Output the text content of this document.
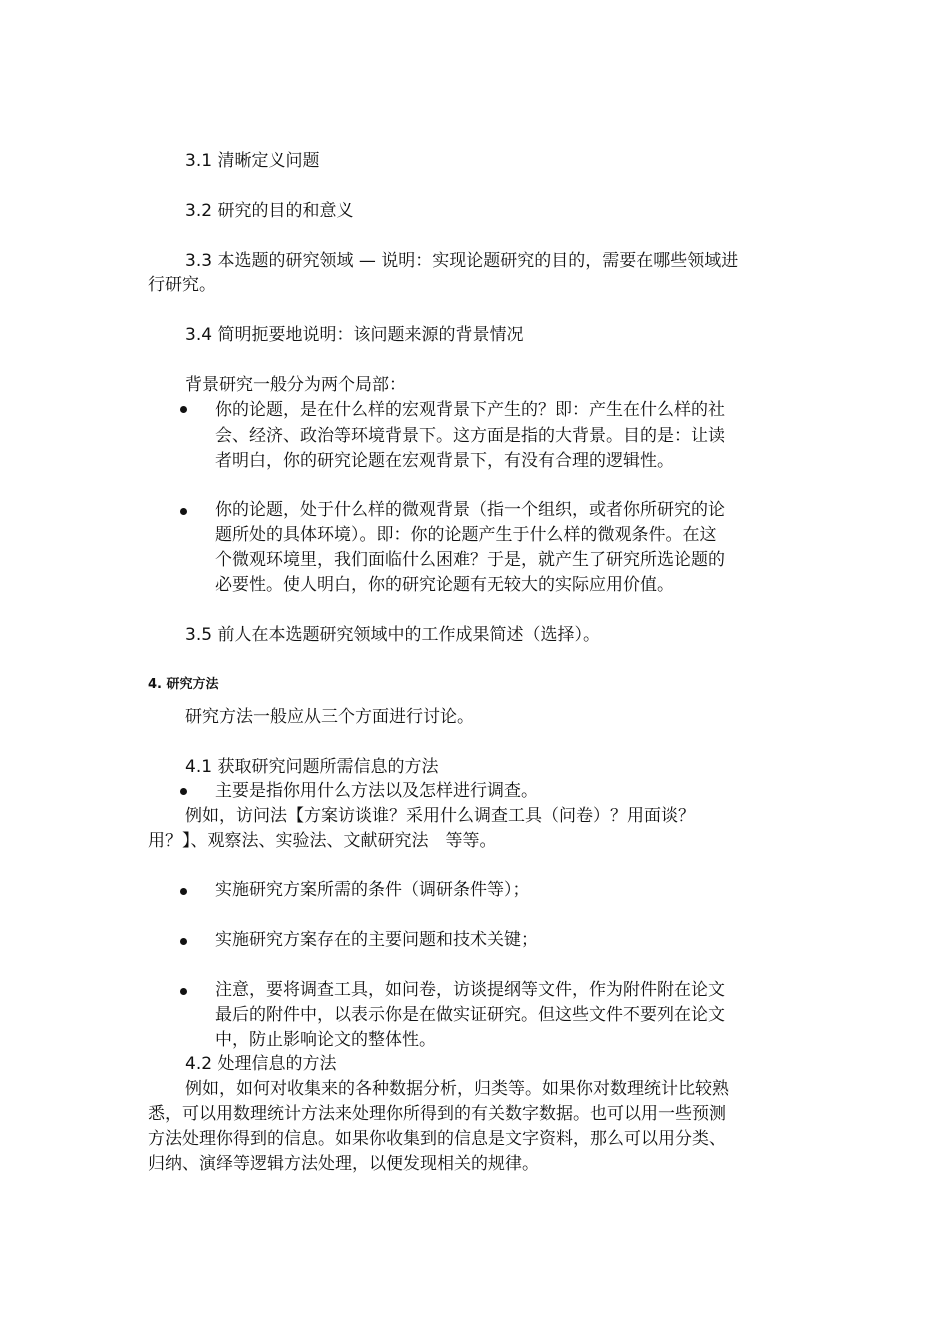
3.1 清晰定义问题
3.2 研究的目的和意义
3.3 本选题的研究领域 — 说明：实现论题研究的目的，需要在哪些领域进
行研究。
3.4 简明扼要地说明：该问题来源的背景情况
背景研究一般分为两个局部：
你的论题，是在什么样的宏观背景下产生的？即：产生在什么样的社
会、经济、政治等环境背景下。这方面是指的大背景。目的是：让读
者明白，你的研究论题在宏观背景下，有没有合理的逻辑性。
你的论题，处于什么样的微观背景（指一个组织，或者你所研究的论
题所处的具体环境）。即：你的论题产生于什么样的微观条件。在这
个微观环境里，我们面临什么困难？于是，就产生了研究所选论题的
必要性。使人明白，你的研究论题有无较大的实际应用价值。
3.5 前人在本选题研究领域中的工作成果简述（选择）。
4. 研究方法
研究方法一般应从三个方面进行讨论。
4.1 获取研究问题所需信息的方法
主要是指你用什么方法以及怎样进行调查。
例如，访问法【方案访谈谁？采用什么调查工具（问卷）？用面谈？
用？】、观察法、实验法、文献研究法　等等。
实施研究方案所需的条件（调研条件等）；
实施研究方案存在的主要问题和技术关键；
注意，要将调查工具，如问卷，访谈提纲等文件，作为附件附在论文
最后的附件中，以表示你是在做实证研究。但这些文件不要列在论文
中，防止影响论文的整体性。
4.2 处理信息的方法
例如，如何对收集来的各种数据分析，归类等。如果你对数理统计比较熟
悉，可以用数理统计方法来处理你所得到的有关数字数据。也可以用一些预测
方法处理你得到的信息。如果你收集到的信息是文字资料，那么可以用分类、
归纳、演绎等逻辑方法处理，以便发现相关的规律。
